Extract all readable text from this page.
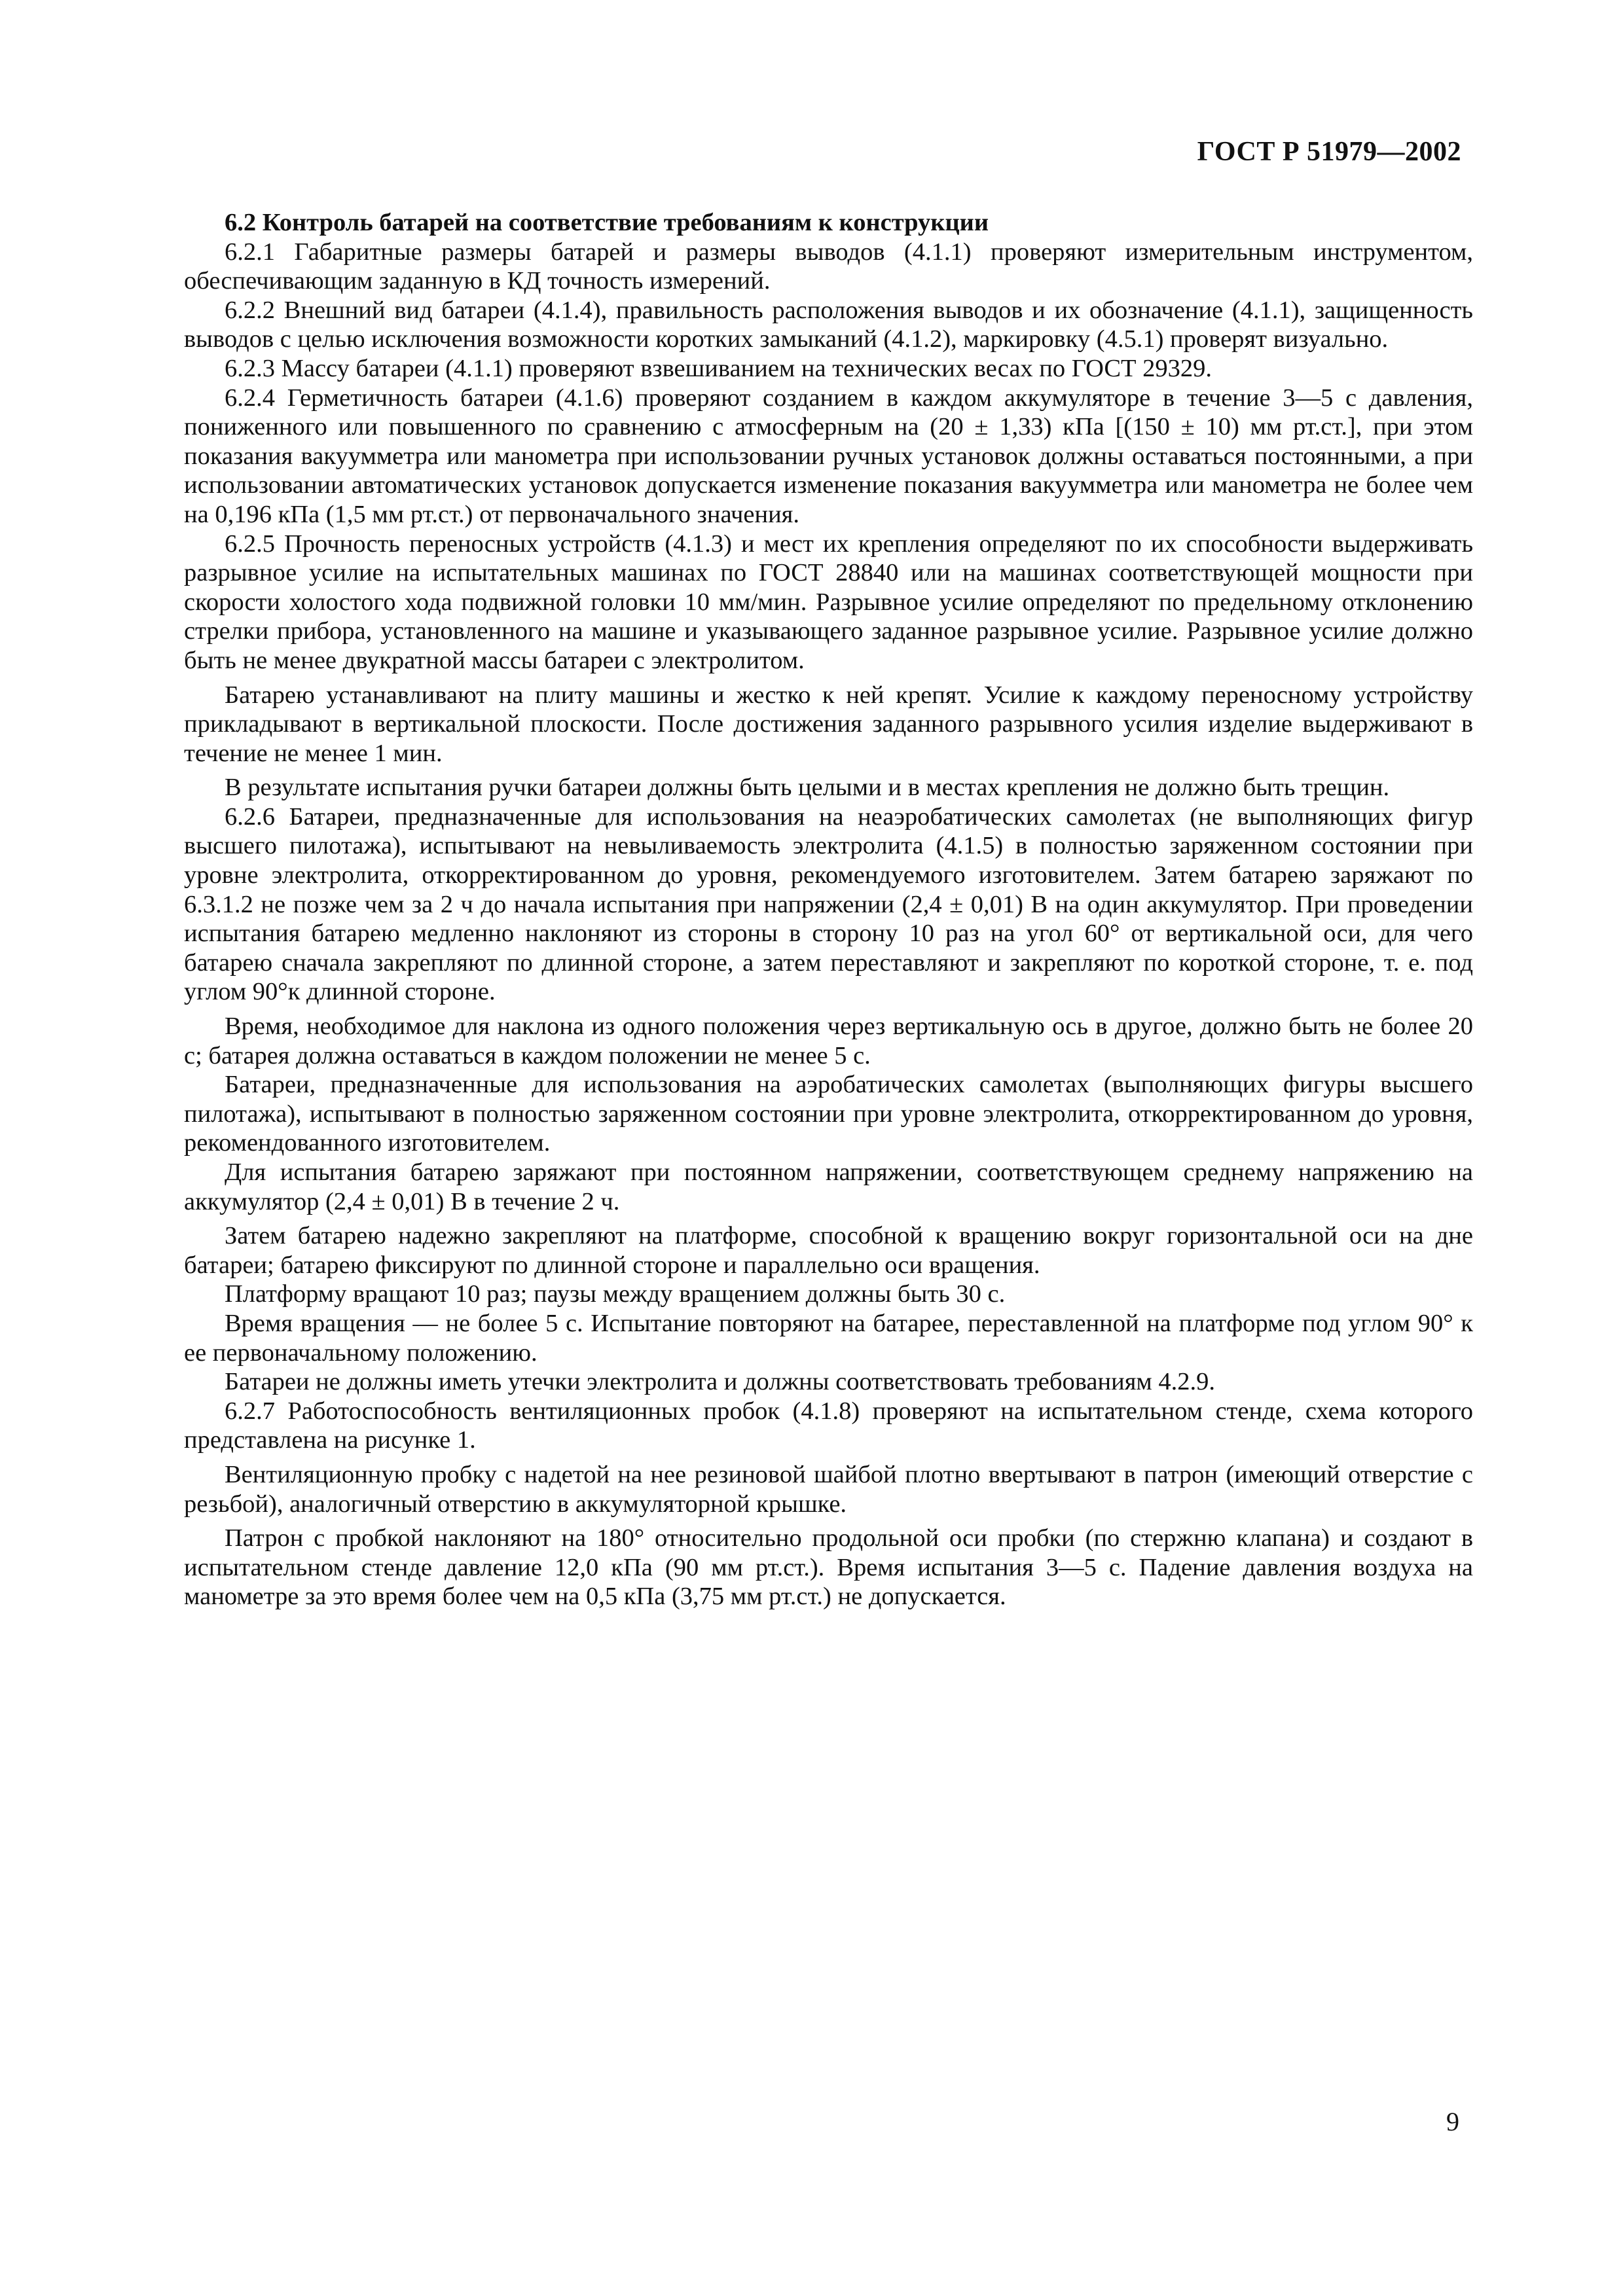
ГОСТ Р 51979—2002

6.2 Контроль батарей на соответствие требованиям к конструкции

6.2.1 Габаритные размеры батарей и размеры выводов (4.1.1) проверяют измерительным инструментом, обеспечивающим заданную в КД точность измерений.

6.2.2 Внешний вид батареи (4.1.4), правильность расположения выводов и их обозначение (4.1.1), защищенность выводов с целью исключения возможности коротких замыканий (4.1.2), маркировку (4.5.1) проверят визуально.

6.2.3 Массу батареи (4.1.1) проверяют взвешиванием на технических весах по ГОСТ 29329.

6.2.4 Герметичность батареи (4.1.6) проверяют созданием в каждом аккумуляторе в течение 3—5 с давления, пониженного или повышенного по сравнению с атмосферным на (20 ± 1,33) кПа [(150 ± 10) мм рт.ст.], при этом показания вакуумметра или манометра при использовании ручных установок должны оставаться постоянными, а при использовании автоматических установок допускается изменение показания вакуумметра или манометра не более чем на 0,196 кПа (1,5 мм рт.ст.) от первоначального значения.

6.2.5 Прочность переносных устройств (4.1.3) и мест их крепления определяют по их способности выдерживать разрывное усилие на испытательных машинах по ГОСТ 28840 или на машинах соответствующей мощности при скорости холостого хода подвижной головки 10 мм/мин. Разрывное усилие определяют по предельному отклонению стрелки прибора, установленного на машине и указывающего заданное разрывное усилие. Разрывное усилие должно быть не менее двукратной массы батареи с электролитом.

Батарею устанавливают на плиту машины и жестко к ней крепят. Усилие к каждому переносному устройству прикладывают в вертикальной плоскости. После достижения заданного разрывного усилия изделие выдерживают в течение не менее 1 мин.

В результате испытания ручки батареи должны быть целыми и в местах крепления не должно быть трещин.

6.2.6 Батареи, предназначенные для использования на неаэробатических самолетах (не выполняющих фигур высшего пилотажа), испытывают на невыливаемость электролита (4.1.5) в полностью заряженном состоянии при уровне электролита, откорректированном до уровня, рекомендуемого изготовителем. Затем батарею заряжают по 6.3.1.2 не позже чем за 2 ч до начала испытания при напряжении (2,4 ± 0,01) В на один аккумулятор. При проведении испытания батарею медленно наклоняют из стороны в сторону 10 раз на угол 60° от вертикальной оси, для чего батарею сначала закрепляют по длинной стороне, а затем переставляют и закрепляют по короткой стороне, т. е. под углом 90°к длинной стороне.

Время, необходимое для наклона из одного положения через вертикальную ось в другое, должно быть не более 20 с; батарея должна оставаться в каждом положении не менее 5 с.

Батареи, предназначенные для использования на аэробатических самолетах (выполняющих фигуры высшего пилотажа), испытывают в полностью заряженном состоянии при уровне электролита, откорректированном до уровня, рекомендованного изготовителем.

Для испытания батарею заряжают при постоянном напряжении, соответствующем среднему напряжению на аккумулятор (2,4 ± 0,01) В в течение 2 ч.

Затем батарею надежно закрепляют на платформе, способной к вращению вокруг горизонтальной оси на дне батареи; батарею фиксируют по длинной стороне и параллельно оси вращения.

Платформу вращают 10 раз; паузы между вращением должны быть 30 с.

Время вращения — не более 5 с. Испытание повторяют на батарее, переставленной на платформе под углом 90° к ее первоначальному положению.

Батареи не должны иметь утечки электролита и должны соответствовать требованиям 4.2.9.

6.2.7 Работоспособность вентиляционных пробок (4.1.8) проверяют на испытательном стенде, схема которого представлена на рисунке 1.

Вентиляционную пробку с надетой на нее резиновой шайбой плотно ввертывают в патрон (имеющий отверстие с резьбой), аналогичный отверстию в аккумуляторной крышке.

Патрон с пробкой наклоняют на 180° относительно продольной оси пробки (по стержню клапана) и создают в испытательном стенде давление 12,0 кПа (90 мм рт.ст.). Время испытания 3—5 с. Падение давления воздуха на манометре за это время более чем на 0,5 кПа (3,75 мм рт.ст.) не допускается.

9
